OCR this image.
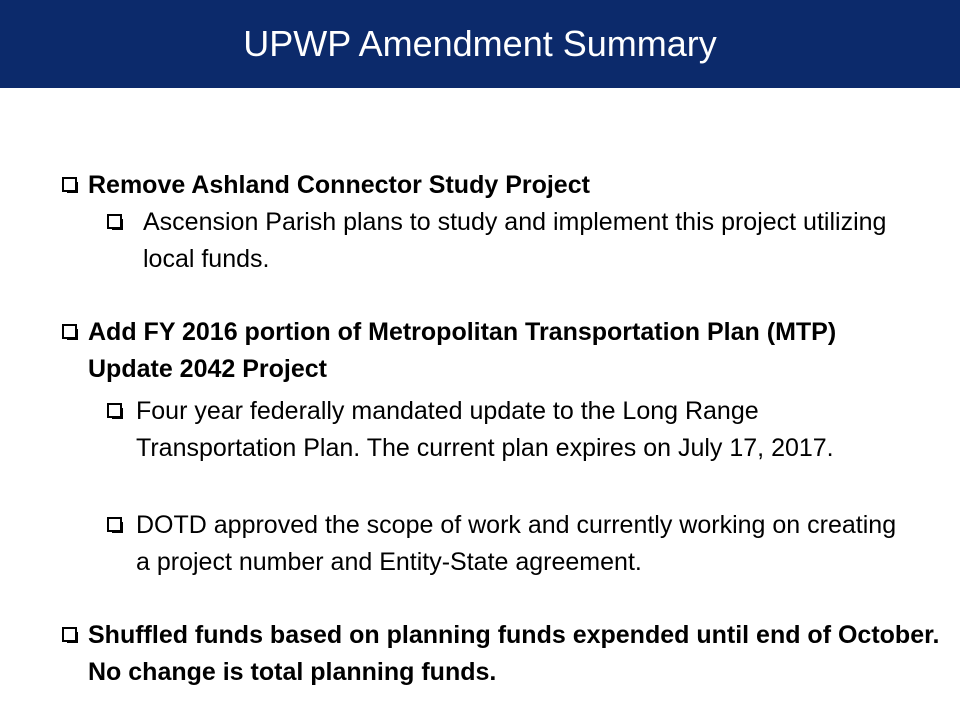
UPWP Amendment Summary
Remove Ashland Connector Study Project
Ascension Parish plans to study and implement this project utilizing local funds.
Add FY 2016 portion of Metropolitan Transportation Plan (MTP) Update 2042 Project
Four year federally mandated update to the Long Range Transportation Plan. The current plan expires on July 17, 2017.
DOTD approved the scope of work and currently working on creating a project number and Entity-State agreement.
Shuffled funds based on planning funds expended until end of October. No change is total planning funds.
